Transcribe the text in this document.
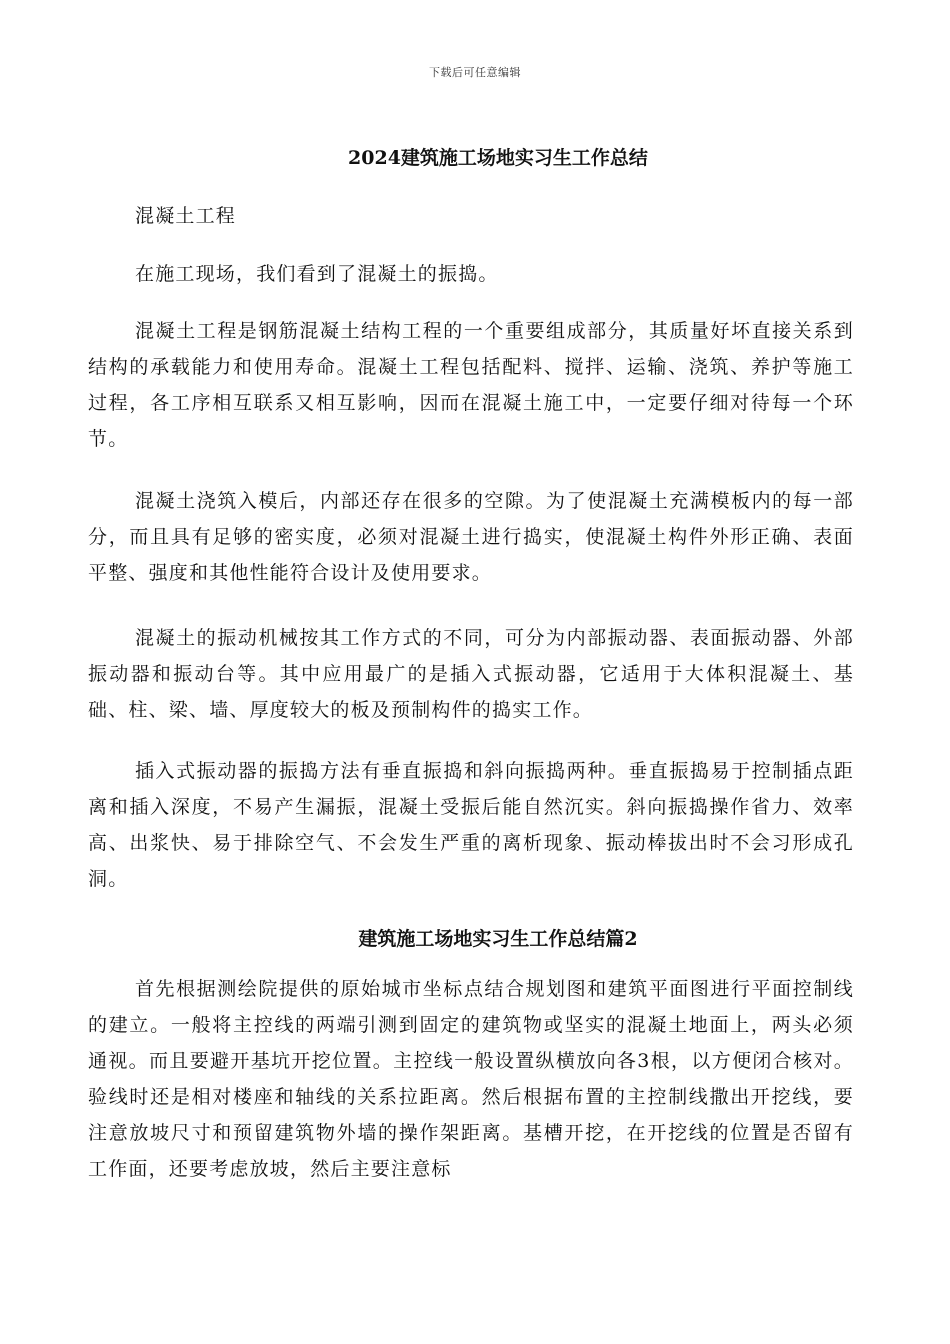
下载后可任意编辑
2024建筑施工场地实习生工作总结
混凝土工程
在施工现场，我们看到了混凝土的振捣。
混凝土工程是钢筋混凝土结构工程的一个重要组成部分，其质量好坏直接关系到结构的承载能力和使用寿命。混凝土工程包括配料、搅拌、运输、浇筑、养护等施工过程，各工序相互联系又相互影响，因而在混凝土施工中，一定要仔细对待每一个环节。
混凝土浇筑入模后，内部还存在很多的空隙。为了使混凝土充满模板内的每一部分，而且具有足够的密实度，必须对混凝土进行捣实，使混凝土构件外形正确、表面平整、强度和其他性能符合设计及使用要求。
混凝土的振动机械按其工作方式的不同，可分为内部振动器、表面振动器、外部振动器和振动台等。其中应用最广的是插入式振动器，它适用于大体积混凝土、基础、柱、梁、墙、厚度较大的板及预制构件的捣实工作。
插入式振动器的振捣方法有垂直振捣和斜向振捣两种。垂直振捣易于控制插点距离和插入深度，不易产生漏振，混凝土受振后能自然沉实。斜向振捣操作省力、效率高、出浆快、易于排除空气、不会发生严重的离析现象、振动棒拔出时不会习形成孔洞。
建筑施工场地实习生工作总结篇2
首先根据测绘院提供的原始城市坐标点结合规划图和建筑平面图进行平面控制线的建立。一般将主控线的两端引测到固定的建筑物或坚实的混凝土地面上，两头必须通视。而且要避开基坑开挖位置。主控线一般设置纵横放向各3根，以方便闭合核对。验线时还是相对楼座和轴线的关系拉距离。然后根据布置的主控制线撒出开挖线，要注意放坡尺寸和预留建筑物外墙的操作架距离。基槽开挖，在开挖线的位置是否留有工作面，还要考虑放坡，然后主要注意标
